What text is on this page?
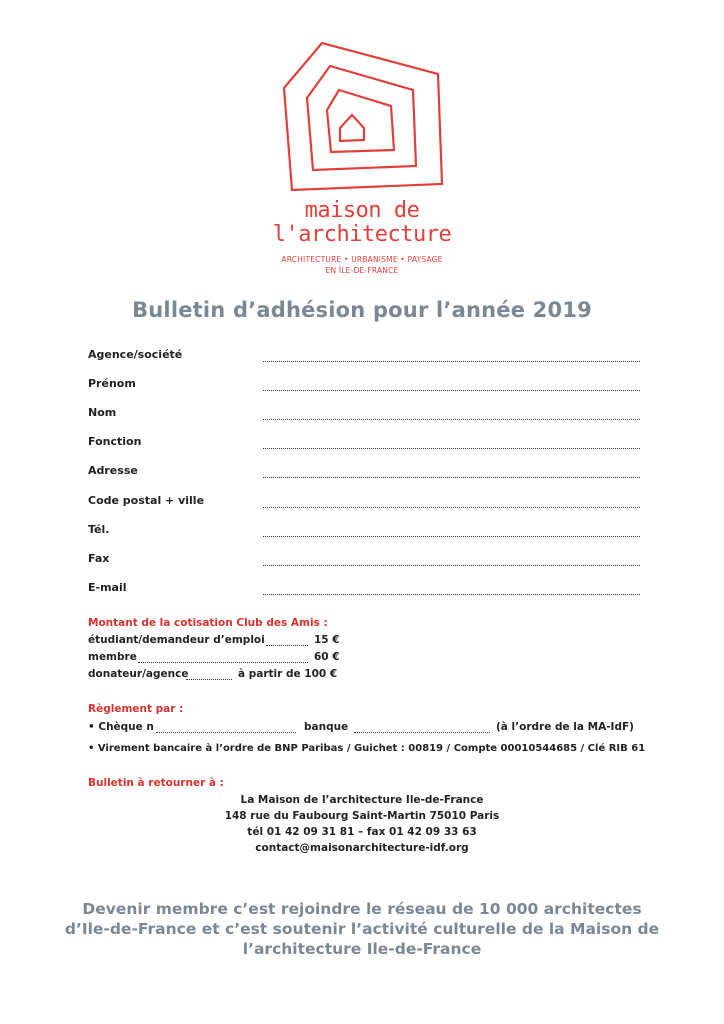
maison de
l'architecture
ARCHITECTURE • URBANISME • PAYSAGE
EN ÎLE-DE-FRANCE
Bulletin d’adhésion pour l’année 2019
Agence/société
Prénom
Nom
Fonction
Adresse
Code postal + ville
Tél.
Fax
E-mail
Montant de la cotisation Club des Amis :
étudiant/demandeur d’emploi	15 €
membre	60 €
donateur/agence	à partir de 100 €
Règlement par :
• Chèque n	banque	(à l’ordre de la MA-IdF)
• Virement bancaire à l’ordre de BNP Paribas / Guichet : 00819 / Compte 00010544685 / Clé RIB 61
Bulletin à retourner à :
La Maison de l’architecture Ile-de-France
148 rue du Faubourg Saint-Martin 75010 Paris
tél 01 42 09 31 81 – fax 01 42 09 33 63
contact@maisonarchitecture-idf.org
Devenir membre c’est rejoindre le réseau de 10 000 architectes
d’Ile-de-France et c’est soutenir l’activité culturelle de la Maison de
l’architecture Ile-de-France
